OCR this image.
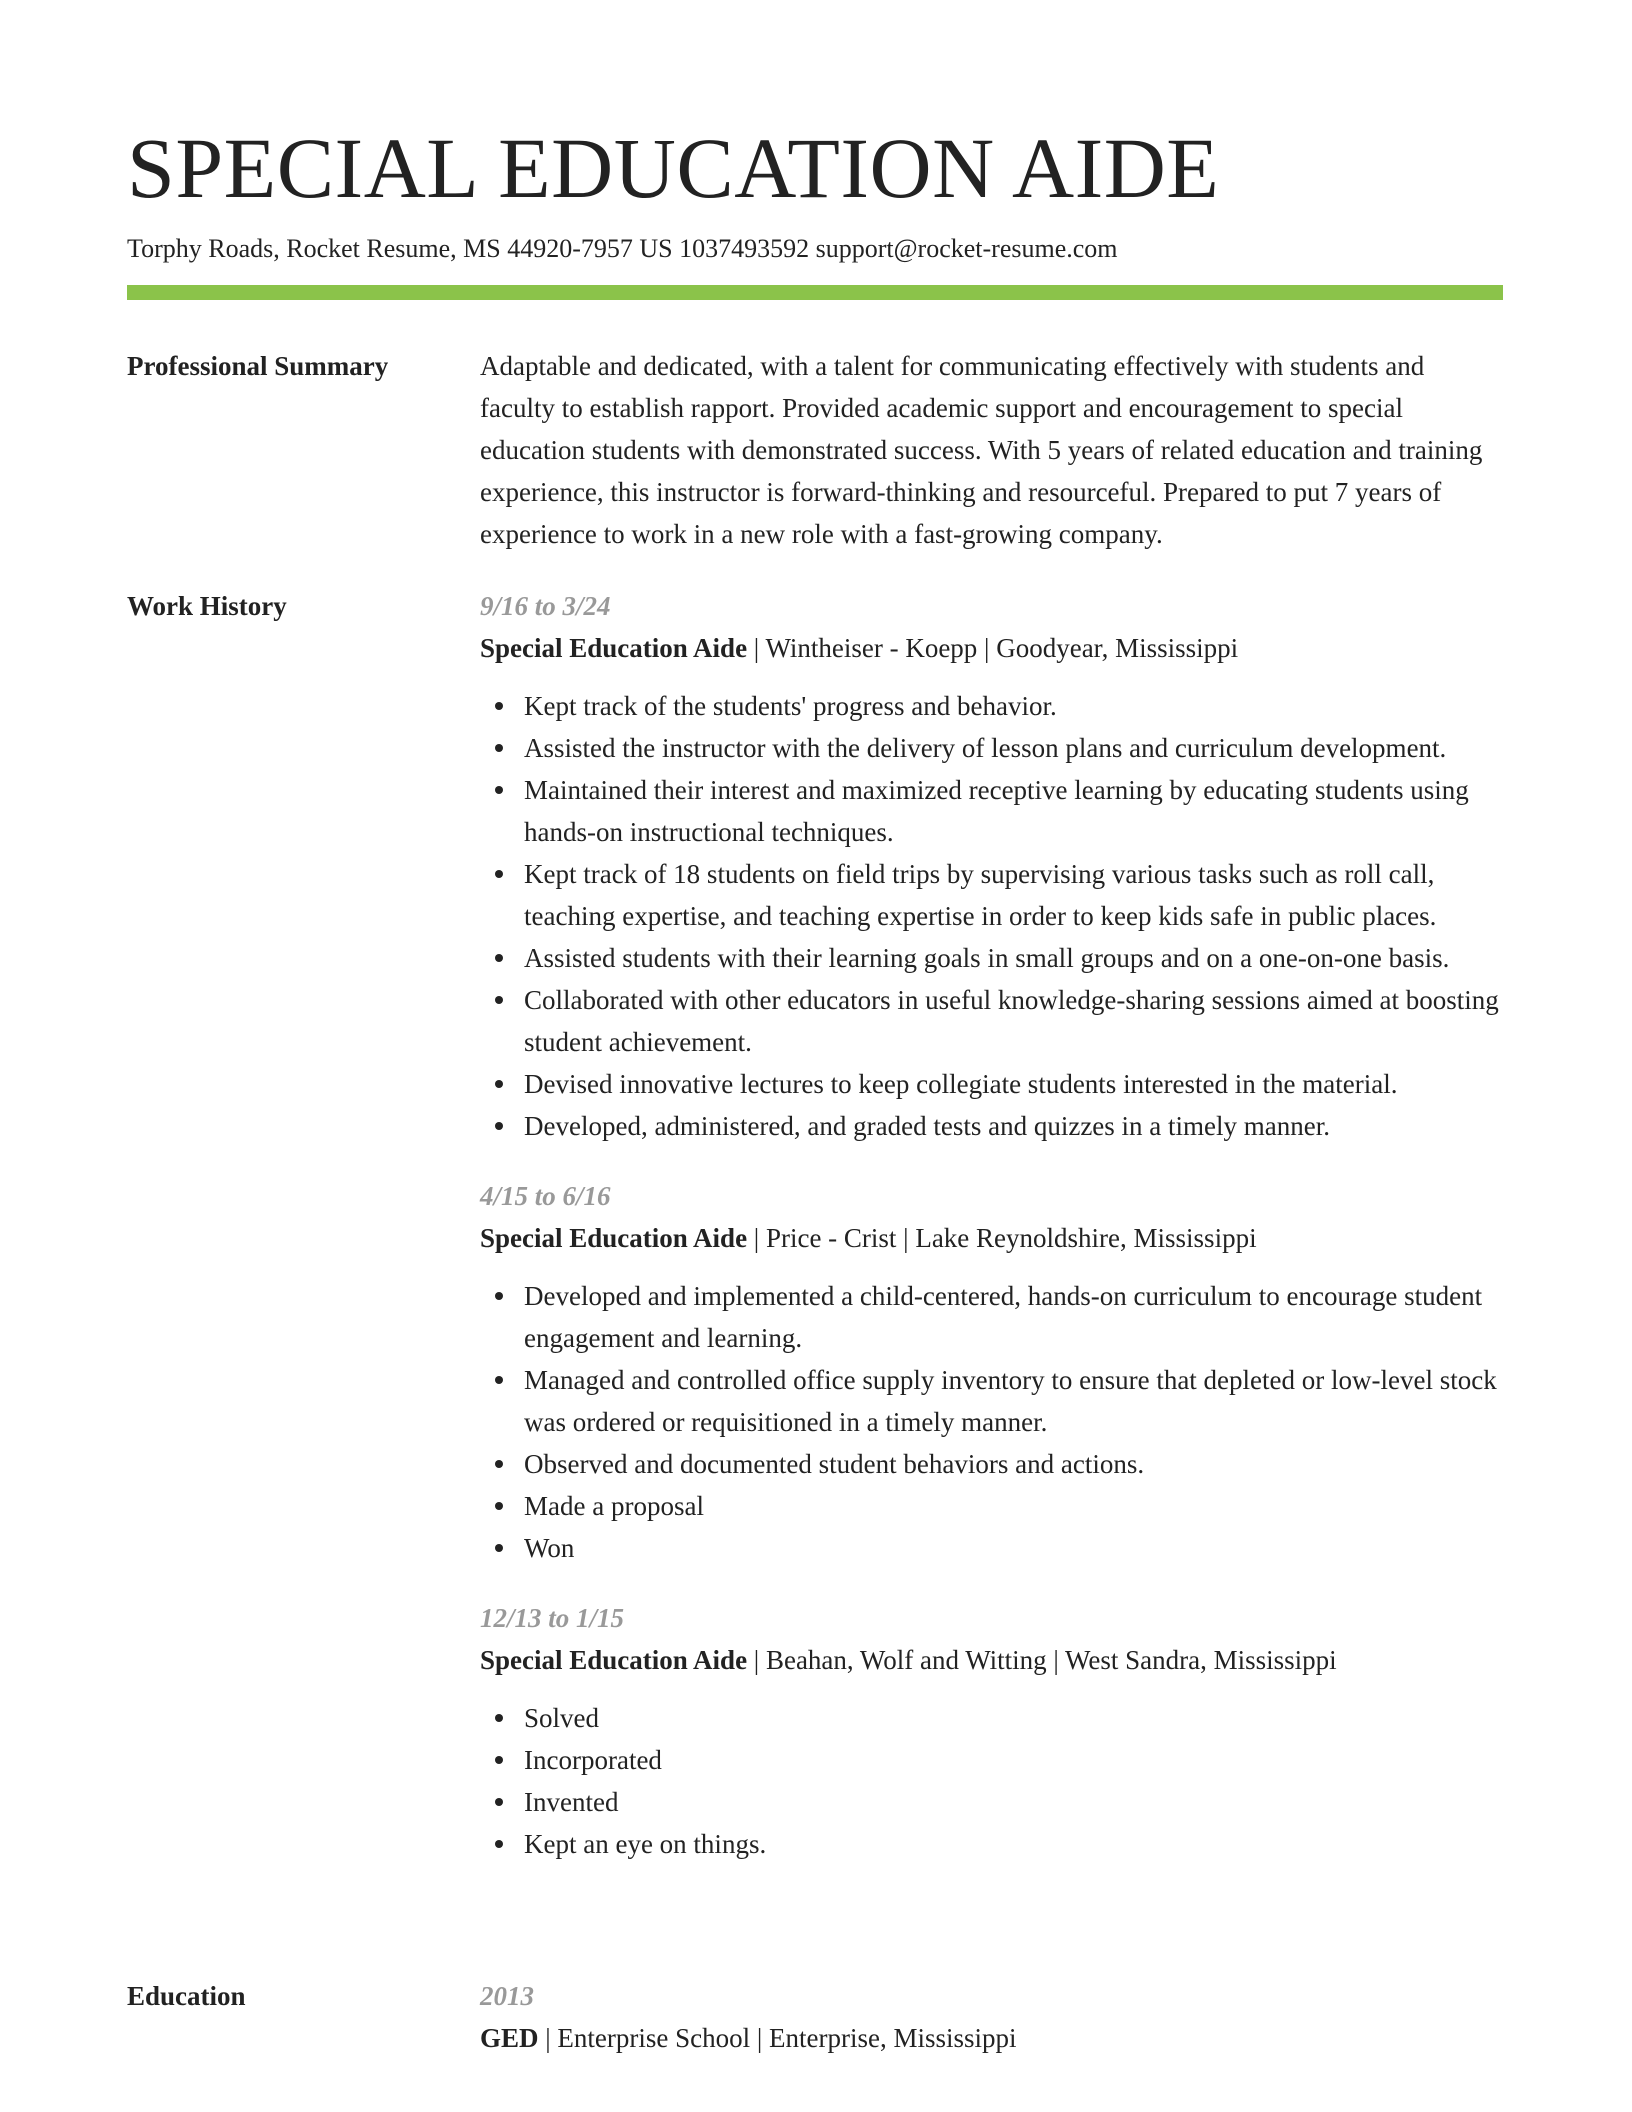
SPECIAL EDUCATION AIDE
Torphy Roads, Rocket Resume, MS 44920-7957 US 1037493592 support@rocket-resume.com
Professional Summary	Adaptable and dedicated, with a talent for communicating effectively with students and faculty to establish rapport. Provided academic support and encouragement to special education students with demonstrated success. With 5 years of related education and training experience, this instructor is forward-thinking and resourceful. Prepared to put 7 years of experience to work in a new role with a fast-growing company.

Work History	9/16 to 3/24
Special Education Aide | Wintheiser - Koepp | Goodyear, Mississippi
Kept track of the students' progress and behavior.
Assisted the instructor with the delivery of lesson plans and curriculum development.
Maintained their interest and maximized receptive learning by educating students using hands-on instructional techniques.
Kept track of 18 students on field trips by supervising various tasks such as roll call, teaching expertise, and teaching expertise in order to keep kids safe in public places.
Assisted students with their learning goals in small groups and on a one-on-one basis.
Collaborated with other educators in useful knowledge-sharing sessions aimed at boosting student achievement.
Devised innovative lectures to keep collegiate students interested in the material.
Developed, administered, and graded tests and quizzes in a timely manner.
4/15 to 6/16
Special Education Aide | Price - Crist | Lake Reynoldshire, Mississippi
Developed and implemented a child-centered, hands-on curriculum to encourage student engagement and learning.
Managed and controlled office supply inventory to ensure that depleted or low-level stock was ordered or requisitioned in a timely manner.
Observed and documented student behaviors and actions.
Made a proposal
Won
12/13 to 1/15
Special Education Aide | Beahan, Wolf and Witting | West Sandra, Mississippi
Solved
Incorporated
Invented
Kept an eye on things.
Education	2013
GED | Enterprise School | Enterprise, Mississippi
